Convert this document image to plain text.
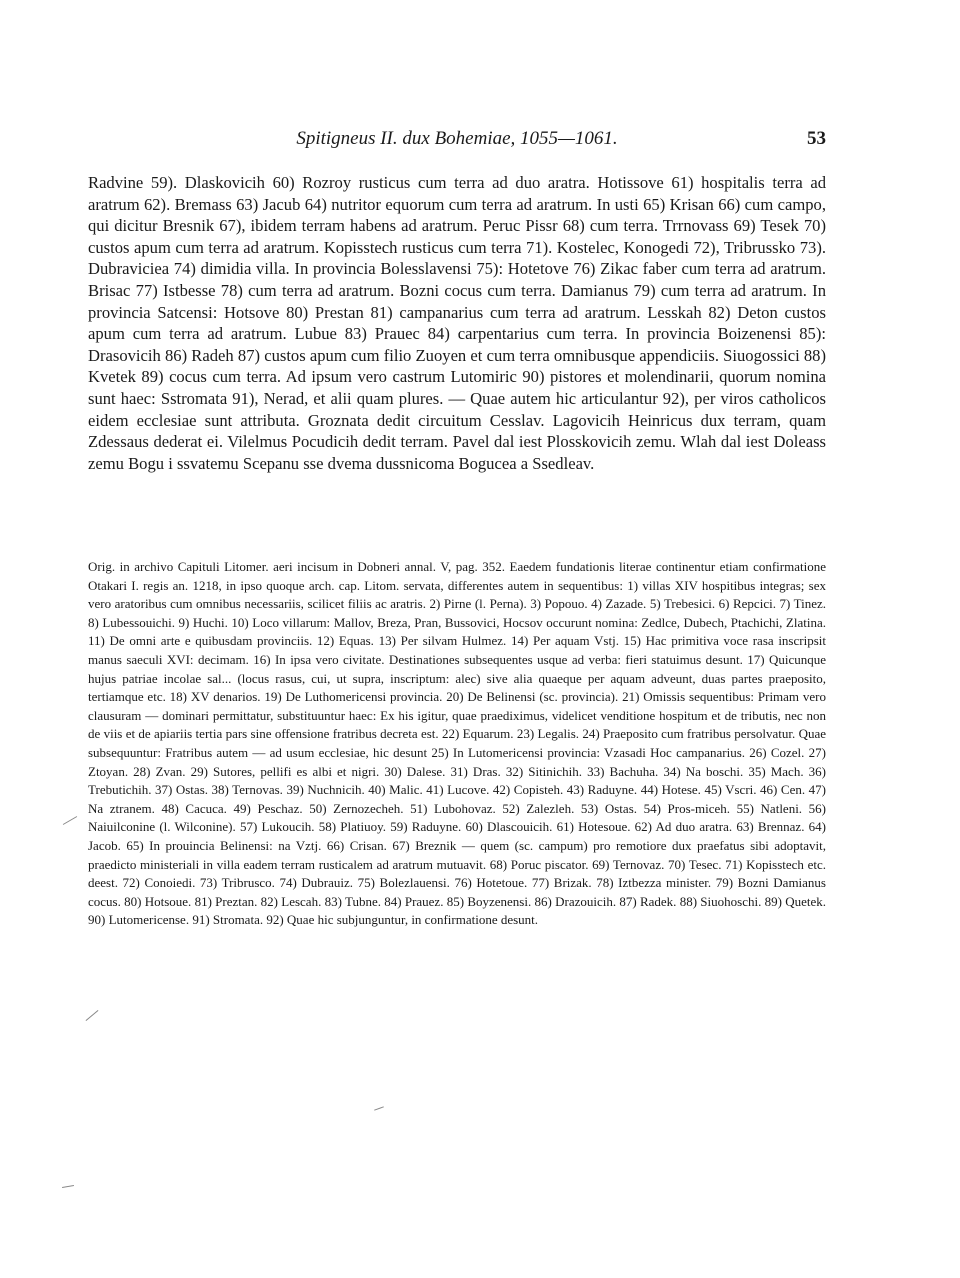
Spitigneus II. dux Bohemiae, 1055—1061.	53

Radvine 59). Dlaskovicih 60) Rozroy rusticus cum terra ad duo aratra. Hotissove 61) hospitalis terra ad aratrum 62). Bremass 63) Jacub 64) nutritor equorum cum terra ad aratrum. In usti 65) Krisan 66) cum campo, qui dicitur Bresnik 67), ibidem terram habens ad aratrum. Peruc Pissr 68) cum terra. Trrnovass 69) Tesek 70) custos apum cum terra ad aratrum. Kopisstech rusticus cum terra 71). Kostelec, Konogedi 72), Tribrussko 73). Dubraviciea 74) dimidia villa. In provincia Bolesslavensi 75): Hotetove 76) Zikac faber cum terra ad aratrum. Brisac 77) Istbesse 78) cum terra ad aratrum. Bozni cocus cum terra. Damianus 79) cum terra ad aratrum. In provincia Satcensi: Hotsove 80) Prestan 81) campanarius cum terra ad aratrum. Lesskah 82) Deton custos apum cum terra ad aratrum. Lubue 83) Prauec 84) carpentarius cum terra. In provincia Boizenensi 85): Drasovicih 86) Radeh 87) custos apum cum filio Zuoyen et cum terra omnibusque appendiciis. Siuogossici 88) Kvetek 89) cocus cum terra. Ad ipsum vero castrum Lutomiric 90) pistores et molendinarii, quorum nomina sunt haec: Sstromata 91), Nerad, et alii quam plures. — Quae autem hic articulantur 92), per viros catholicos eidem ecclesiae sunt attributa. Groznata dedit circuitum Cesslav. Lagovicih Heinricus dux terram, quam Zdessaus dederat ei. Vilelmus Pocudicih dedit terram. Pavel dal iest Plosskovicih zemu. Wlah dal iest Doleass zemu Bogu i ssvatemu Scepanu sse dvema dussnicoma Bogucea a Ssedleav.

Orig. in archivo Capituli Litomer. aeri incisum in Dobneri annal. V, pag. 352. Eaedem fundationis literae continentur etiam confirmatione Otakari I. regis an. 1218, in ipso quoque arch. cap. Litom. servata, differentes autem in sequentibus: 1) villas XIV hospitibus integras; sex vero aratoribus cum omnibus necessariis, scilicet filiis ac aratris. 2) Pirne (l. Perna). 3) Popouo. 4) Zazade. 5) Trebesici. 6) Repcici. 7) Tinez. 8) Lubessouichi. 9) Huchi. 10) Loco villarum: Mallov, Breza, Pran, Bussovici, Hocsov occurunt nomina: Zedlce, Dubech, Ptachichi, Zlatina. 11) De omni arte e quibusdam provinciis. 12) Equas. 13) Per silvam Hulmez. 14) Per aquam Vstj. 15) Hac primitiva voce rasa inscripsit manus saeculi XVI: decimam. 16) In ipsa vero civitate. Destinationes subsequentes usque ad verba: fieri statuimus desunt. 17) Quicunque hujus patriae incolae sal... (locus rasus, cui, ut supra, inscriptum: alec) sive alia quaeque per aquam adveunt, duas partes praeposito, tertiamque etc. 18) XV denarios. 19) De Luthomericensi provincia. 20) De Belinensi (sc. provincia). 21) Omissis sequentibus: Primam vero clausuram — dominari permittatur, substituuntur haec: Ex his igitur, quae praediximus, videlicet venditione hospitum et de tributis, nec non de viis et de apiariis tertia pars sine offensione fratribus decreta est. 22) Equarum. 23) Legalis. 24) Praeposito cum fratribus persolvatur. Quae subsequuntur: Fratribus autem — ad usum ecclesiae, hic desunt 25) In Lutomericensi provincia: Vzasadi Hoc campanarius. 26) Cozel. 27) Ztoyan. 28) Zvan. 29) Sutores, pellifi es albi et nigri. 30) Dalese. 31) Dras. 32) Sitinichih. 33) Bachuha. 34) Na boschi. 35) Mach. 36) Trebutichih. 37) Ostas. 38) Ternovas. 39) Nuchnicih. 40) Malic. 41) Lucove. 42) Copisteh. 43) Raduyne. 44) Hotese. 45) Vscri. 46) Cen. 47) Na ztranem. 48) Cacuca. 49) Peschaz. 50) Zernozecheh. 51) Lubohovaz. 52) Zalezleh. 53) Ostas. 54) Pros-miceh. 55) Natleni. 56) Naiuilconine (l. Wilconine). 57) Lukoucih. 58) Platiuoy. 59) Raduyne. 60) Dlascouicih. 61) Hotesoue. 62) Ad duo aratra. 63) Brennaz. 64) Jacob. 65) In prouincia Belinensi: na Vztj. 66) Crisan. 67) Breznik — quem (sc. campum) pro remotiore dux praefatus sibi adoptavit, praedicto ministeriali in villa eadem terram rusticalem ad aratrum mutuavit. 68) Poruc piscator. 69) Ternovaz. 70) Tesec. 71) Kopisstech etc. deest. 72) Conoiedi. 73) Tribrusco. 74) Dubrauiz. 75) Bolezlauensi. 76) Hotetoue. 77) Brizak. 78) Iztbezza minister. 79) Bozni Damianus cocus. 80) Hotsoue. 81) Preztan. 82) Lescah. 83) Tubne. 84) Prauez. 85) Boyzenensi. 86) Drazouicih. 87) Radek. 88) Siuohoschi. 89) Quetek. 90) Lutomericense. 91) Stromata. 92) Quae hic subjunguntur, in confirmatione desunt.
